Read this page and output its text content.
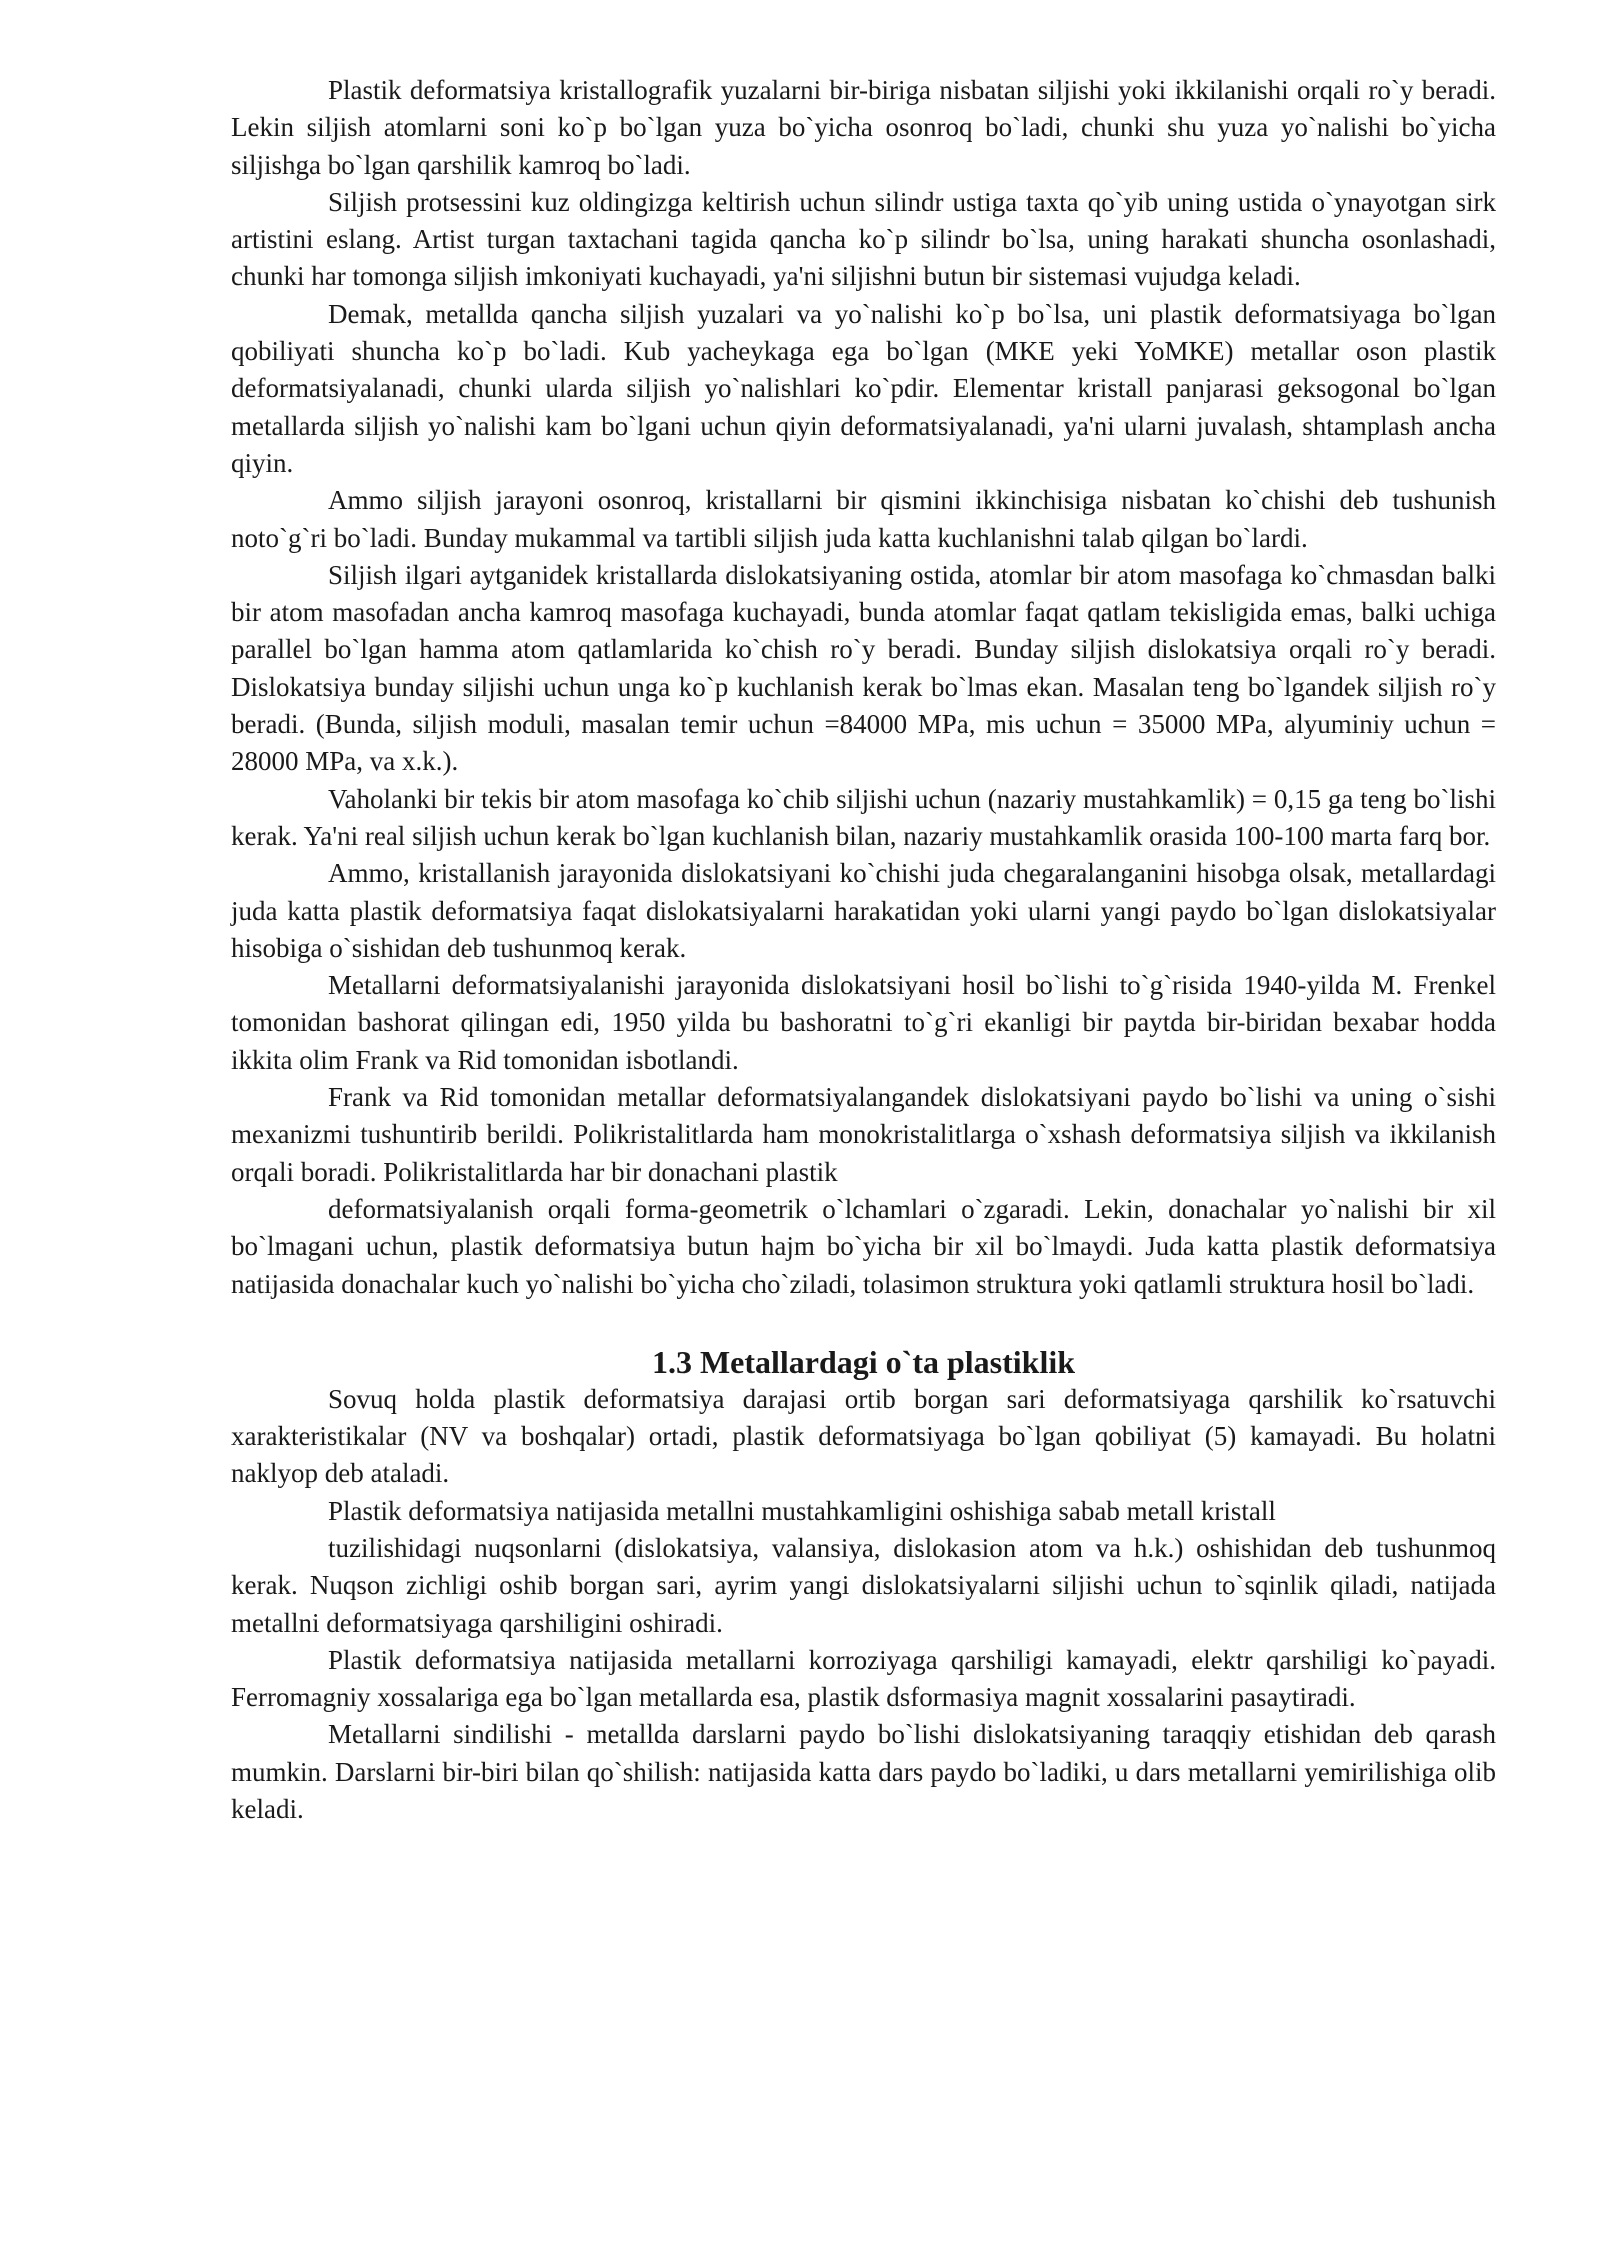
Plastik deformatsiya kristallografik yuzalarni bir-biriga nisbatan siljishi yoki ikkilanishi orqali ro`y beradi. Lekin siljish atomlarni soni ko`p bo`lgan yuza bo`yicha osonroq bo`ladi, chunki shu yuza yo`nalishi bo`yicha siljishga bo`lgan qarshilik kamroq bo`ladi.

Siljish protsessini kuz oldingizga keltirish uchun silindr ustiga taxta qo`yib uning ustida o`ynayotgan sirk artistini eslang. Artist turgan taxtachani tagida qancha ko`p silindr bo`lsa, uning harakati shuncha osonlashadi, chunki har tomonga siljish imkoniyati kuchayadi, ya'ni siljishni butun bir sistemasi vujudga keladi.

Demak, metallda qancha siljish yuzalari va yo`nalishi ko`p bo`lsa, uni plastik deformatsiyaga bo`lgan qobiliyati shuncha ko`p bo`ladi. Kub yacheykaga ega bo`lgan (MKE yeki YoMKE) metallar oson plastik deformatsiyalanadi, chunki ularda siljish yo`nalishlari ko`pdir. Elementar kristall panjarasi geksogonal bo`lgan metallarda siljish yo`nalishi kam bo`lgani uchun qiyin deformatsiyalanadi, ya'ni ularni juvalash, shtamplash ancha qiyin.

Ammo siljish jarayoni osonroq, kristallarni bir qismini ikkinchisiga nisbatan ko`chishi deb tushunish noto`g`ri bo`ladi. Bunday mukammal va tartibli siljish juda katta kuchlanishni talab qilgan bo`lardi.

Siljish ilgari aytganidek kristallarda dislokatsiyaning ostida, atomlar bir atom masofaga ko`chmasdan balki bir atom masofadan ancha kamroq masofaga kuchayadi, bunda atomlar faqat qatlam tekisligida emas, balki uchiga parallel bo`lgan hamma atom qatlamlarida ko`chish ro`y beradi. Bunday siljish dislokatsiya orqali ro`y beradi. Dislokatsiya bunday siljishi uchun unga ko`p kuchlanish kerak bo`lmas ekan. Masalan teng bo`lgandek siljish ro`y beradi. (Bunda, siljish moduli, masalan temir uchun =84000 MPa, mis uchun = 35000 MPa, alyuminiy uchun = 28000 MPa, va x.k.).

Vaholanki bir tekis bir atom masofaga ko`chib siljishi uchun (nazariy mustahkamlik) = 0,15 ga teng bo`lishi kerak. Ya'ni real siljish uchun kerak bo`lgan kuchlanish bilan, nazariy mustahkamlik orasida 100-100 marta farq bor.

Ammo, kristallanish jarayonida dislokatsiyani ko`chishi juda chegaralanganini hisobga olsak, metallardagi juda katta plastik deformatsiya faqat dislokatsiyalarni harakatidan yoki ularni yangi paydo bo`lgan dislokatsiyalar hisobiga o`sishidan deb tushunmoq kerak.

Metallarni deformatsiyalanishi jarayonida dislokatsiyani hosil bo`lishi to`g`risida 1940-yilda M. Frenkel tomonidan bashorat qilingan edi, 1950 yilda bu bashoratni to`g`ri ekanligi bir paytda bir-biridan bexabar hodda ikkita olim Frank va Rid tomonidan isbotlandi.

Frank va Rid tomonidan metallar deformatsiyalangandek dislokatsiyani paydo bo`lishi va uning o`sishi mexanizmi tushuntirib berildi. Polikristalitlarda ham monokristalitlarga o`xshash deformatsiya siljish va ikkilanish orqali boradi. Polikristalitlarda har bir donachani plastik

deformatsiyalanish orqali forma-geometrik o`lchamlari o`zgaradi. Lekin, donachalar yo`nalishi bir xil bo`lmagani uchun, plastik deformatsiya butun hajm bo`yicha bir xil bo`lmaydi. Juda katta plastik deformatsiya natijasida donachalar kuch yo`nalishi bo`yicha cho`ziladi, tolasimon struktura yoki qatlamli struktura hosil bo`ladi.

1.3 Metallardagi o`ta plastiklik

Sovuq holda plastik deformatsiya darajasi ortib borgan sari deformatsiyaga qarshilik ko`rsatuvchi xarakteristikalar (NV va boshqalar) ortadi, plastik deformatsiyaga bo`lgan qobiliyat (5) kamayadi. Bu holatni naklyop deb ataladi.

Plastik deformatsiya natijasida metallni mustahkamligini oshishiga sabab metall kristall

tuzilishidagi nuqsonlarni (dislokatsiya, valansiya, dislokasion atom va h.k.) oshishidan deb tushunmoq kerak. Nuqson zichligi oshib borgan sari, ayrim yangi dislokatsiyalarni siljishi uchun to`sqinlik qiladi, natijada metallni deformatsiyaga qarshiligini oshiradi.

Plastik deformatsiya natijasida metallarni korroziyaga qarshiligi kamayadi, elektr qarshiligi ko`payadi. Ferromagniy xossalariga ega bo`lgan metallarda esa, plastik dsformasiya magnit xossalarini pasaytiradi.

Metallarni sindilishi - metallda darslarni paydo bo`lishi dislokatsiyaning taraqqiy etishidan deb qarash mumkin. Darslarni bir-biri bilan qo`shilish: natijasida katta dars paydo bo`ladiki, u dars metallarni yemirilishiga olib keladi.
